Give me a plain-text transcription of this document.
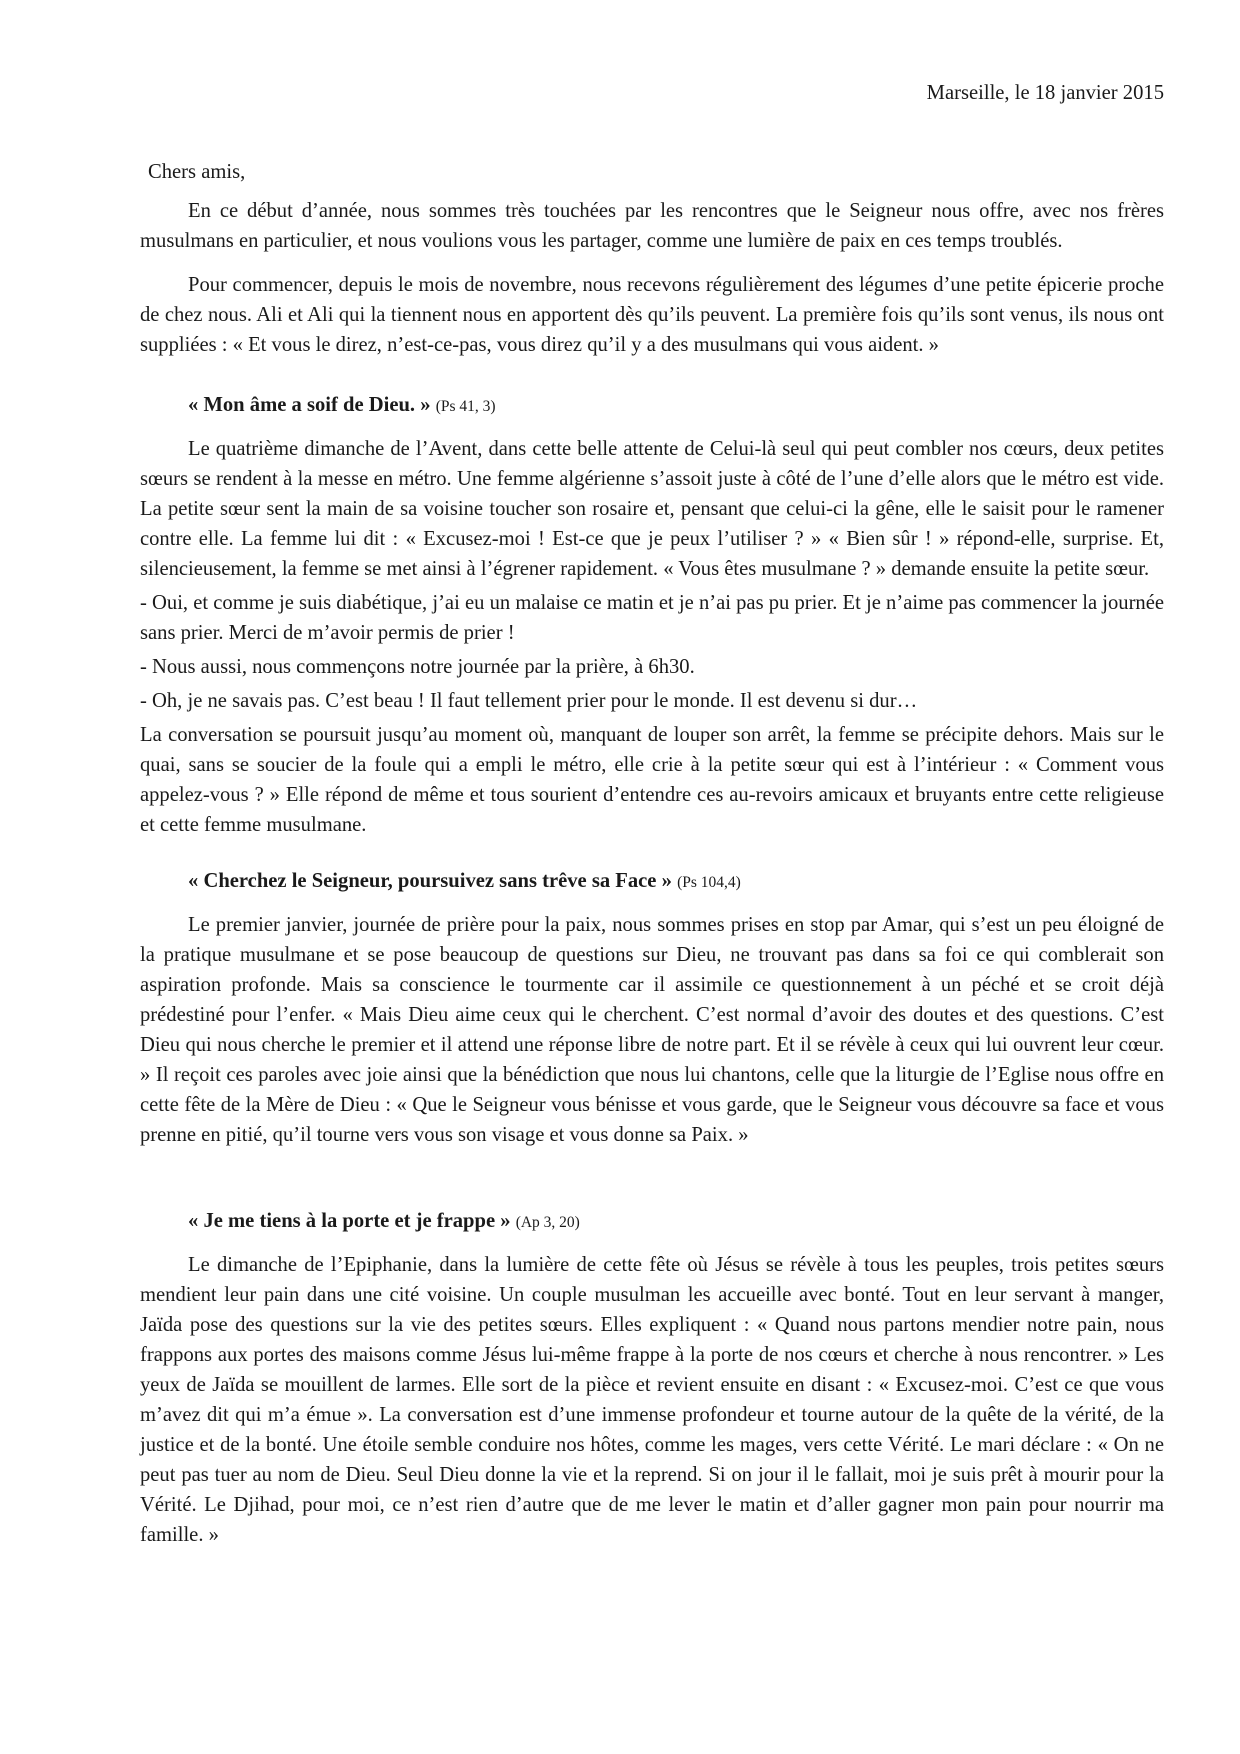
Marseille, le 18 janvier 2015
Chers amis,

En ce début d’année, nous sommes très touchées par les rencontres que le Seigneur nous offre, avec nos frères musulmans en particulier, et nous voulions vous les partager, comme une lumière de paix en ces temps troublés.

Pour commencer, depuis le mois de novembre, nous recevons régulièrement des légumes d’une petite épicerie proche de chez nous. Ali et Ali qui la tiennent nous en apportent dès qu’ils peuvent. La première fois qu’ils sont venus, ils nous ont suppliées : « Et vous le direz, n’est-ce-pas, vous direz qu’il y a des musulmans qui vous aident. »

« Mon âme a soif de Dieu. » (Ps 41, 3)

Le quatrième dimanche de l’Avent, dans cette belle attente de Celui-là seul qui peut combler nos cœurs, deux petites sœurs se rendent à la messe en métro. Une femme algérienne s’assoit juste à côté de l’une d’elle alors que le métro est vide. La petite sœur sent la main de sa voisine toucher son rosaire et, pensant que celui-ci la gêne, elle le saisit pour le ramener contre elle. La femme lui dit : « Excusez-moi ! Est-ce que je peux l’utiliser ? » « Bien sûr ! » répond-elle, surprise. Et, silencieusement, la femme se met ainsi à l’égrener rapidement. « Vous êtes musulmane ? » demande ensuite la petite sœur.

- Oui, et comme je suis diabétique, j’ai eu un malaise ce matin et je n’ai pas pu prier. Et je n’aime pas commencer la journée sans prier. Merci de m’avoir permis de prier !

- Nous aussi, nous commençons notre journée par la prière, à 6h30.

- Oh, je ne savais pas. C’est beau ! Il faut tellement prier pour le monde. Il est devenu si dur…

La conversation se poursuit jusqu’au moment où, manquant de louper son arrêt, la femme se précipite dehors. Mais sur le quai, sans se soucier de la foule qui a empli le métro, elle crie à la petite sœur qui est à l’intérieur : « Comment vous appelez-vous ? » Elle répond de même et tous sourient d’entendre ces au-revoirs amicaux et bruyants entre cette religieuse et cette femme musulmane.

« Cherchez le Seigneur, poursuivez sans trêve sa Face » (Ps 104,4)

Le premier janvier, journée de prière pour la paix, nous sommes prises en stop par Amar, qui s’est un peu éloigné de la pratique musulmane et se pose beaucoup de questions sur Dieu, ne trouvant pas dans sa foi ce qui comblerait son aspiration profonde. Mais sa conscience le tourmente car il assimile ce questionnement à un péché et se croit déjà prédestiné pour l’enfer. « Mais Dieu aime ceux qui le cherchent. C’est normal d’avoir des doutes et des questions. C’est Dieu qui nous cherche le premier et il attend une réponse libre de notre part. Et il se révèle à ceux qui lui ouvrent leur cœur. » Il reçoit ces paroles avec joie ainsi que la bénédiction que nous lui chantons, celle que la liturgie de l’Eglise nous offre en cette fête de la Mère de Dieu : « Que le Seigneur vous bénisse et vous garde, que le Seigneur vous découvre sa face et vous prenne en pitié, qu’il tourne vers vous son visage et vous donne sa Paix. »

« Je me tiens à la porte et je frappe » (Ap 3, 20)

Le dimanche de l’Epiphanie, dans la lumière de cette fête où Jésus se révèle à tous les peuples, trois petites sœurs mendient leur pain dans une cité voisine. Un couple musulman les accueille avec bonté. Tout en leur servant à manger, Jaïda pose des questions sur la vie des petites sœurs. Elles expliquent : « Quand nous partons mendier notre pain, nous frappons aux portes des maisons comme Jésus lui-même frappe à la porte de nos cœurs et cherche à nous rencontrer. » Les yeux de Jaïda se mouillent de larmes. Elle sort de la pièce et revient ensuite en disant : « Excusez-moi. C’est ce que vous m’avez dit qui m’a émue ». La conversation est d’une immense profondeur et tourne autour de la quête de la vérité, de la justice et de la bonté. Une étoile semble conduire nos hôtes, comme les mages, vers cette Vérité. Le mari déclare : « On ne peut pas tuer au nom de Dieu. Seul Dieu donne la vie et la reprend. Si on jour il le fallait, moi je suis prêt à mourir pour la Vérité. Le Djihad, pour moi, ce n’est rien d’autre que de me lever le matin et d’aller gagner mon pain pour nourrir ma famille. »
